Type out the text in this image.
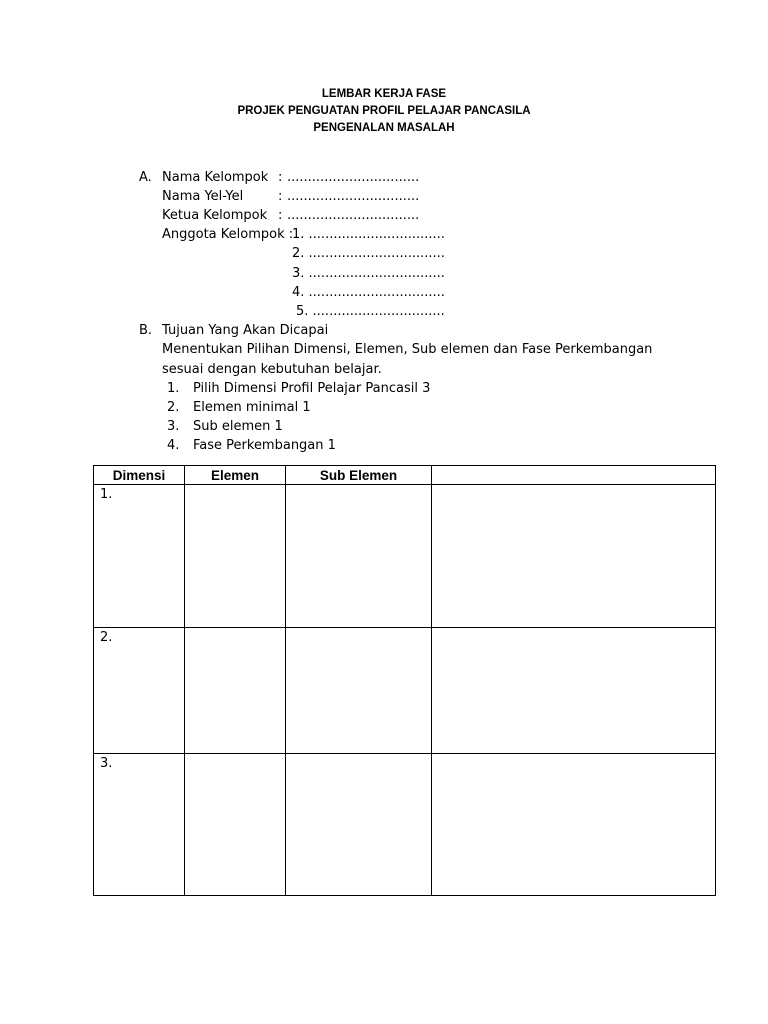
LEMBAR KERJA FASE
PROJEK PENGUATAN PROFIL PELAJAR PANCASILA
PENGENALAN MASALAH
A. Nama Kelompok : ................................
Nama Yel-Yel	: ................................
Ketua Kelompok : ................................
Anggota Kelompok :
1. .................................
2. .................................
3. .................................
4. .................................
5. ................................
B. Tujuan Yang Akan Dicapai
Menentukan Pilihan Dimensi, Elemen, Sub elemen dan Fase Perkembangan
sesuai dengan kebutuhan belajar.
1. Pilih Dimensi Profil Pelajar Pancasil 3
2. Elemen minimal 1
3. Sub elemen 1
4. Fase Perkembangan 1
Dimensi	Elemen	Sub Elemen	

1.			

2.			

3.			
